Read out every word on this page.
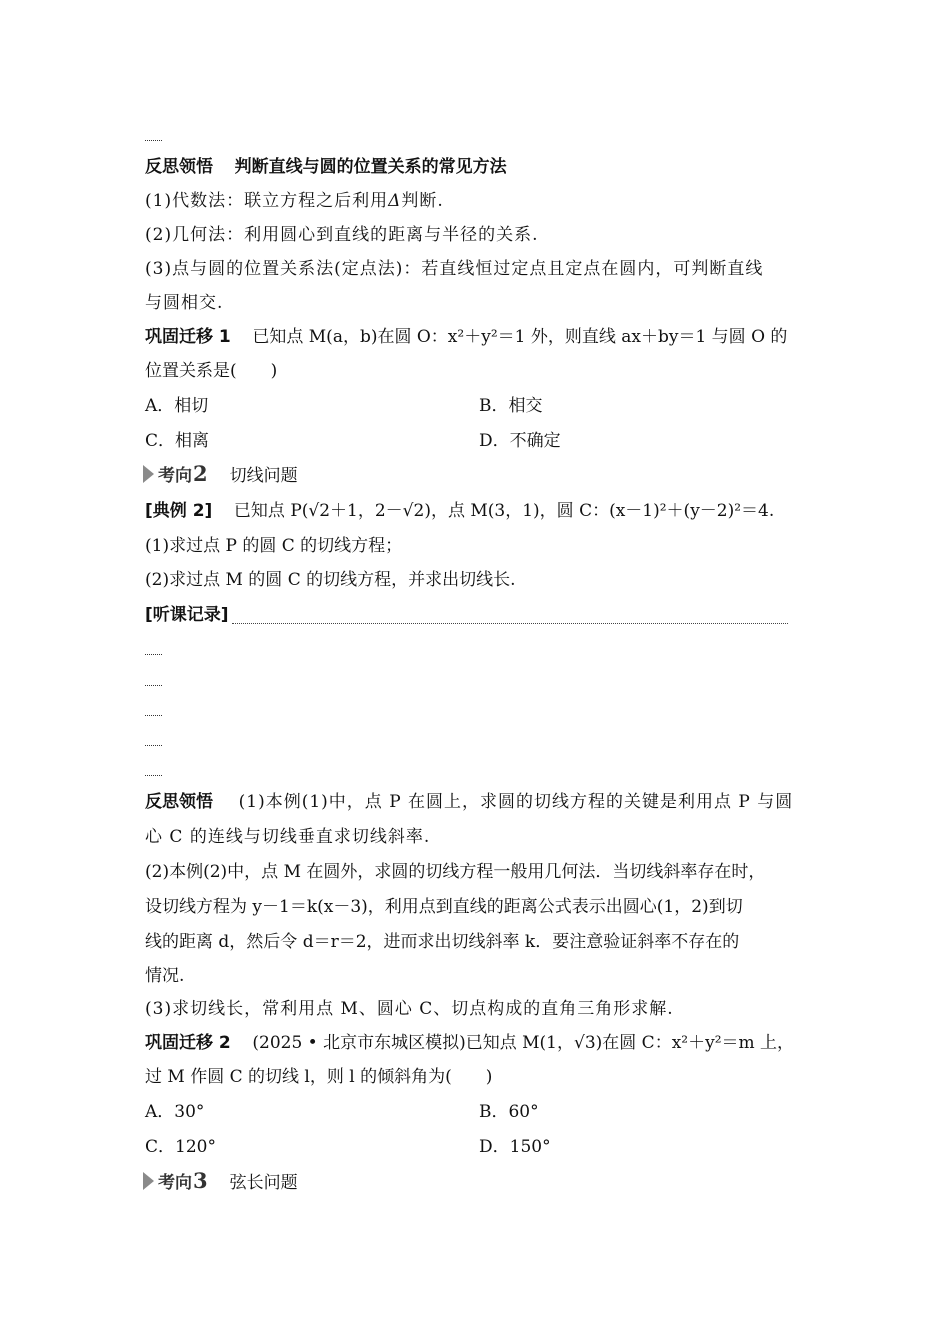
反思领悟 判断直线与圆的位置关系的常见方法
(1)代数法：联立方程之后利用Δ判断.
(2)几何法：利用圆心到直线的距离与半径的关系.
(3)点与圆的位置关系法(定点法)：若直线恒过定点且定点在圆内，可判断直线
与圆相交.
巩固迁移 1 已知点 M(a，b)在圆 O：x²＋y²＝1 外，则直线 ax＋by＝1 与圆 O 的
位置关系是(　　)
A．相切	B．相交
C．相离	D．不确定
考向 2 切线问题
[典例 2] 已知点 P(√2＋1，2－√2)，点 M(3，1)，圆 C：(x－1)²＋(y－2)²＝4.
(1)求过点 P 的圆 C 的切线方程；
(2)求过点 M 的圆 C 的切线方程，并求出切线长.
[听课记录]
反思领悟 (1)本例(1)中，点 P 在圆上，求圆的切线方程的关键是利用点 P 与圆
心 C 的连线与切线垂直求切线斜率.
(2)本例(2)中，点 M 在圆外，求圆的切线方程一般用几何法．当切线斜率存在时，
设切线方程为 y－1＝k(x－3)，利用点到直线的距离公式表示出圆心(1，2)到切
线的距离 d，然后令 d＝r＝2，进而求出切线斜率 k．要注意验证斜率不存在的
情况.
(3)求切线长，常利用点 M、圆心 C、切点构成的直角三角形求解.
巩固迁移 2 (2025 • 北京市东城区模拟)已知点 M(1，√3)在圆 C：x²＋y²＝m 上，
过 M 作圆 C 的切线 l，则 l 的倾斜角为(　　)
A．30°	B．60°
C．120°	D．150°
考向 3 弦长问题
